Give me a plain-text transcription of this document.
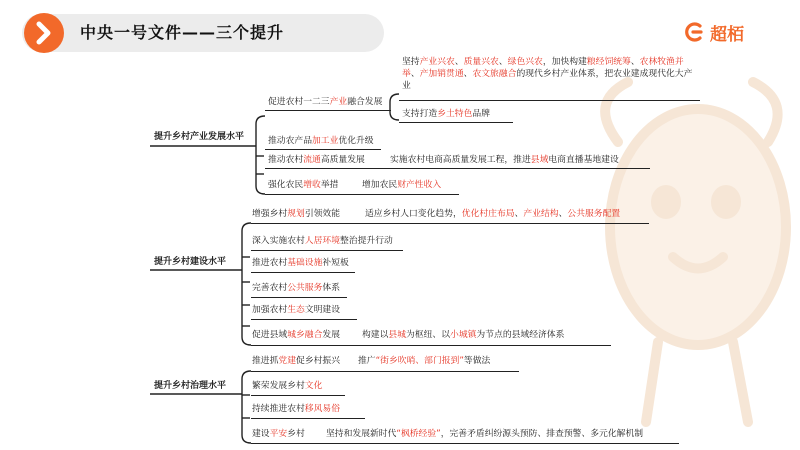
中央一号文件——三个提升	超栢
提升乡村产业发展水平
促进农村一二三产业融合发展
坚持产业兴农、质量兴农、绿色兴农，加快构建粮经饲统筹、农林牧渔并举、产加销贯通、农文旅融合的现代乡村产业体系，把农业建成现代化大产业
支持打造乡土特色品牌
推动农产品加工业优化升级
推动农村流通高质量发展	实施农村电商高质量发展工程，推进县域电商直播基地建设
强化农民增收举措	增加农民财产性收入
提升乡村建设水平
增强乡村规划引领效能	适应乡村人口变化趋势，优化村庄布局、产业结构、公共服务配置
深入实施农村人居环境整治提升行动
推进农村基础设施补短板
完善农村公共服务体系
加强农村生态文明建设
促进县域城乡融合发展 构建以县城为枢纽、以小城镇为节点的县域经济体系
提升乡村治理水平
推进抓党建促乡村振兴 推广“街乡吹哨、部门报到”等做法
繁荣发展乡村文化
持续推进农村移风易俗
建设平安乡村 坚持和发展新时代“枫桥经验”，完善矛盾纠纷源头预防、排查预警、多元化解机制
